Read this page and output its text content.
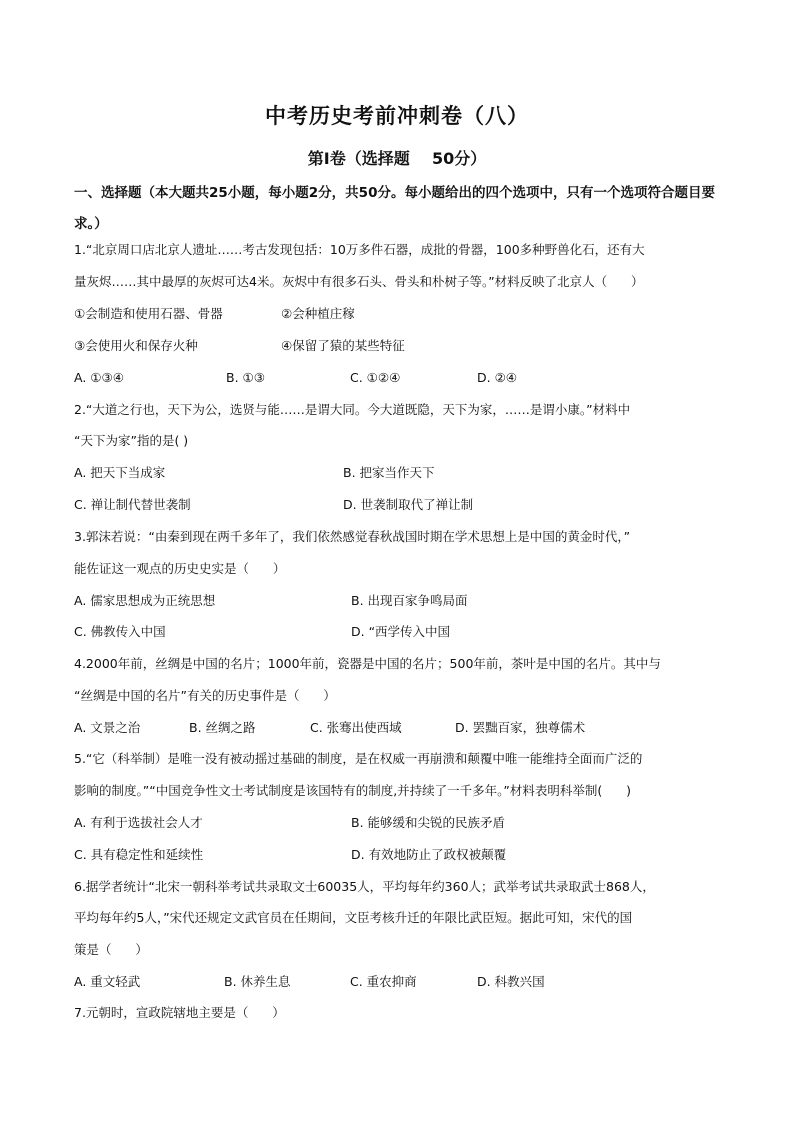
中考历史考前冲刺卷（八）
第Ⅰ卷（选择题    50分）
一、选择题（本大题共25小题，每小题2分，共50分。每小题给出的四个选项中，只有一个选项符合题目要求。）
1.“北京周口店北京人遗址……考古发现包括：10万多件石器，成批的骨器，100多种野兽化石，还有大
量灰烬……其中最厚的灰烬可达4米。灰烬中有很多石头、骨头和朴树子等。”材料反映了北京人（      ）
①会制造和使用石器、骨器	②会种植庄稼
③会使用火和保存火种	④保留了猿的某些特征
A. ①③④	B. ①③	C. ①②④	D. ②④
2.“大道之行也，天下为公，选贤与能……是谓大同。今大道既隐，天下为家，……是谓小康。”材料中
“天下为家”指的是( )
A. 把天下当成家	B. 把家当作天下
C. 禅让制代替世袭制	D. 世袭制取代了禅让制
3.郭沫若说：“由秦到现在两千多年了，我们依然感觉春秋战国时期在学术思想上是中国的黄金时代，”
能佐证这一观点的历史史实是（      ）
A. 儒家思想成为正统思想	B. 出现百家争鸣局面
C. 佛教传入中国	D. “西学传入中国
4.2000年前，丝绸是中国的名片；1000年前，瓷器是中国的名片；500年前，茶叶是中国的名片。其中与
“丝绸是中国的名片”有关的历史事件是（      ）
A. 文景之治	B. 丝绸之路	C. 张骞出使西域	D. 罢黜百家，独尊儒术
5.“它（科举制）是唯一没有被动摇过基础的制度，是在权威一再崩溃和颠覆中唯一能维持全面而广泛的
影响的制度。”“中国竞争性文士考试制度是该国特有的制度,并持续了一千多年。”材料表明科举制(      )
A. 有利于选拔社会人才	B. 能够缓和尖锐的民族矛盾
C. 具有稳定性和延续性	D. 有效地防止了政权被颠覆
6.据学者统计“北宋一朝科举考试共录取文士60035人，平均每年约360人；武举考试共录取武士868人，
平均每年约5人，”宋代还规定文武官员在任期间，文臣考核升迁的年限比武臣短。据此可知，宋代的国
策是（      ）
A. 重文轻武	B. 休养生息	C. 重农抑商	D. 科教兴国
7.元朝时，宣政院辖地主要是（      ）
